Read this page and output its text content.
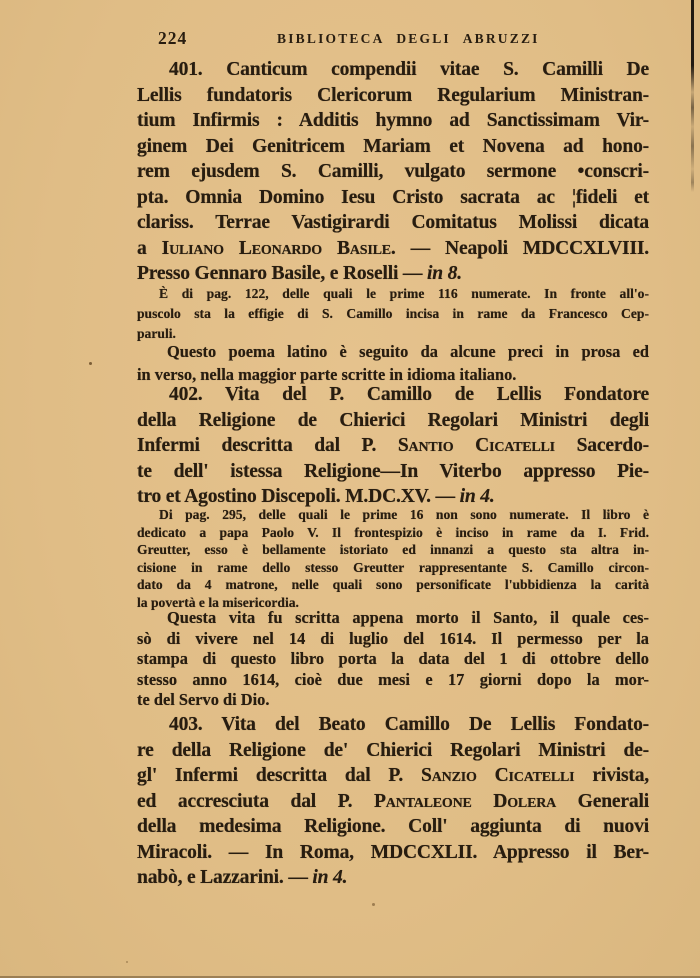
224	BIBLIOTECA DEGLI ABRUZZI
401. Canticum compendii vitae S. Camilli De
Lellis fundatoris Clericorum Regularium Ministran-
tium Infirmis : Additis hymno ad Sanctissimam Vir-
ginem Dei Genitricem Mariam et Novena ad hono-
rem ejusdem S. Camilli, vulgato sermone •conscri-
pta. Omnia Domino Iesu Cristo sacrata ac ¦fideli et
clariss. Terrae Vastigirardi Comitatus Molissi dicata
a Iuliano Leonardo Basile. — Neapoli MDCCXLVIII.
Presso Gennaro Basile, e Roselli — in 8.
È di pag. 122, delle quali le prime 116 numerate. In fronte all'o-
puscolo sta la effigie di S. Camillo incisa in rame da Francesco Cep-
paruli.
Questo poema latino è seguito da alcune preci in prosa ed
in verso, nella maggior parte scritte in idioma italiano.
402. Vita del P. Camillo de Lellis Fondatore
della Religione de Chierici Regolari Ministri degli
Infermi descritta dal P. Santio Cicatelli Sacerdo-
te dell' istessa Religione—In Viterbo appresso Pie-
tro et Agostino Discepoli. M.DC.XV. — in 4.
Di pag. 295, delle quali le prime 16 non sono numerate. Il libro è
dedicato a papa Paolo V. Il frontespizio è inciso in rame da I. Frid.
Greutter, esso è bellamente istoriato ed innanzi a questo sta altra in-
cisione in rame dello stesso Greutter rappresentante S. Camillo circon-
dato da 4 matrone, nelle quali sono personificate l'ubbidienza la carità
la povertà e la misericordia.
Questa vita fu scritta appena morto il Santo, il quale ces-
sò di vivere nel 14 di luglio del 1614. Il permesso per la
stampa di questo libro porta la data del 1 di ottobre dello
stesso anno 1614, cioè due mesi e 17 giorni dopo la mor-
te del Servo di Dio.
403. Vita del Beato Camillo De Lellis Fondato-
re della Religione de' Chierici Regolari Ministri de-
gl' Infermi descritta dal P. Sanzio Cicatelli rivista,
ed accresciuta dal P. Pantaleone Dolera Generali
della medesima Religione. Coll' aggiunta di nuovi
Miracoli. — In Roma, MDCCXLII. Appresso il Ber-
nabò, e Lazzarini. — in 4.
